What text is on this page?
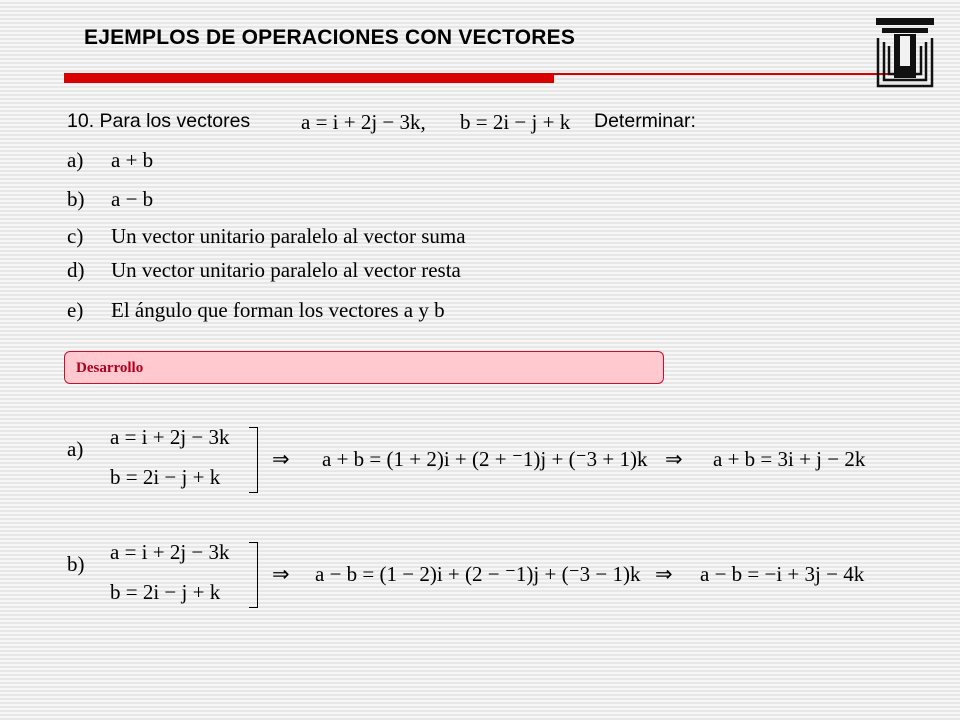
EJEMPLOS DE OPERACIONES CON VECTORES
10. Para los vectores a = i + 2j − 3k, b = 2i − j + k Determinar:
a) a + b
b) a − b
c) Un vector unitario paralelo al vector suma
d) Un vector unitario paralelo al vector resta
e) El ángulo que forman los vectores a y b
Desarrollo
a) a = i + 2j − 3k
b = 2i − j + k
⇒ a + b = (1 + 2)i + (2 + ⁻1)j + (⁻3 + 1)k ⇒ a + b = 3i + j − 2k
b) a = i + 2j − 3k
b = 2i − j + k
⇒ a − b = (1 − 2)i + (2 − ⁻1)j + (⁻3 − 1)k ⇒ a − b = −i + 3j − 4k
